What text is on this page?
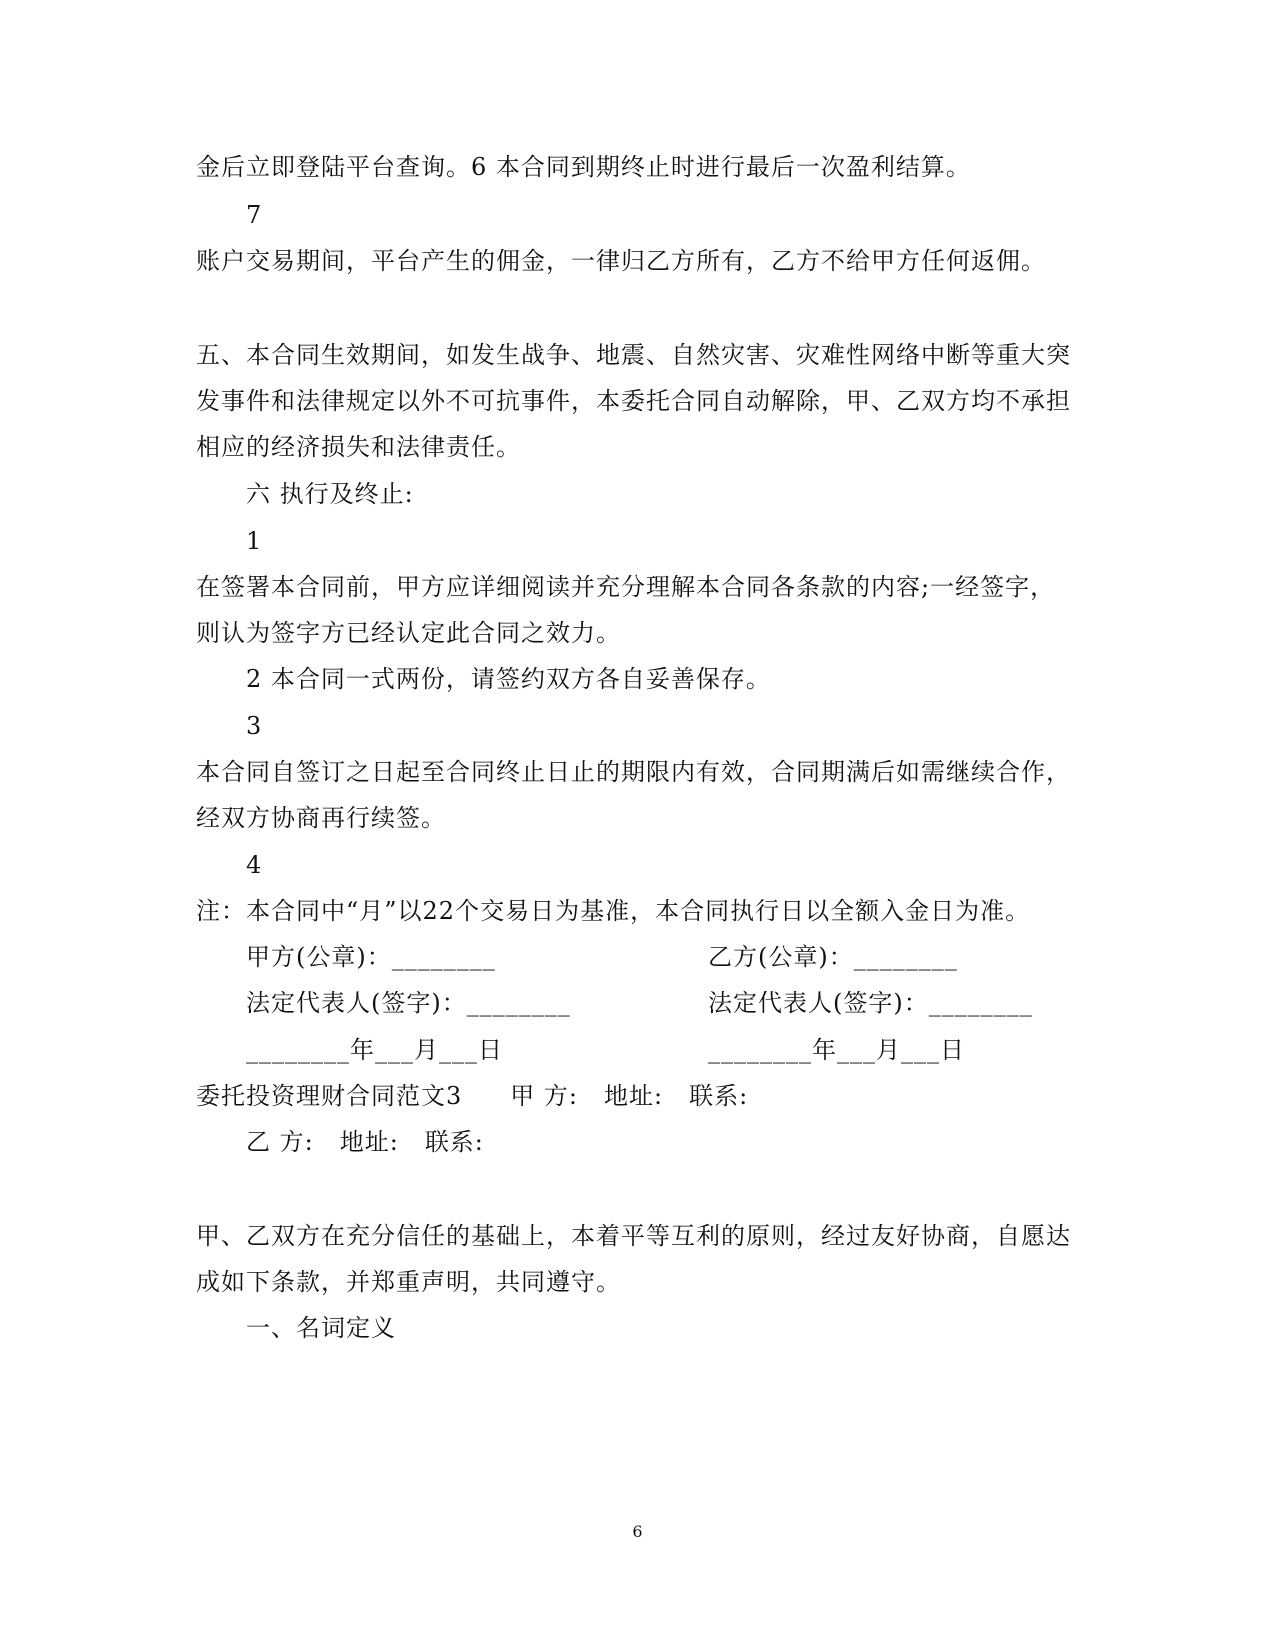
金后立即登陆平台查询。6 本合同到期终止时进行最后一次盈利结算。
7
账户交易期间，平台产生的佣金，一律归乙方所有，乙方不给甲方任何返佣。
五、本合同生效期间，如发生战争、地震、自然灾害、灾难性网络中断等重大突
发事件和法律规定以外不可抗事件，本委托合同自动解除，甲、乙双方均不承担
相应的经济损失和法律责任。
六 执行及终止:
1
在签署本合同前，甲方应详细阅读并充分理解本合同各条款的内容;一经签字，
则认为签字方已经认定此合同之效力。
2 本合同一式两份，请签约双方各自妥善保存。
3
本合同自签订之日起至合同终止日止的期限内有效，合同期满后如需继续合作，
经双方协商再行续签。
4
注：本合同中“月”以22个交易日为基准，本合同执行日以全额入金日为准。
甲方(公章)：________	乙方(公章)：________
法定代表人(签字)：________	法定代表人(签字)：________
________年___月___日	________年___月___日
委托投资理财合同范文3 甲 方: 地址: 联系:
乙 方: 地址: 联系:
甲、乙双方在充分信任的基础上，本着平等互利的原则，经过友好协商，自愿达
成如下条款，并郑重声明，共同遵守。
一、名词定义
6
